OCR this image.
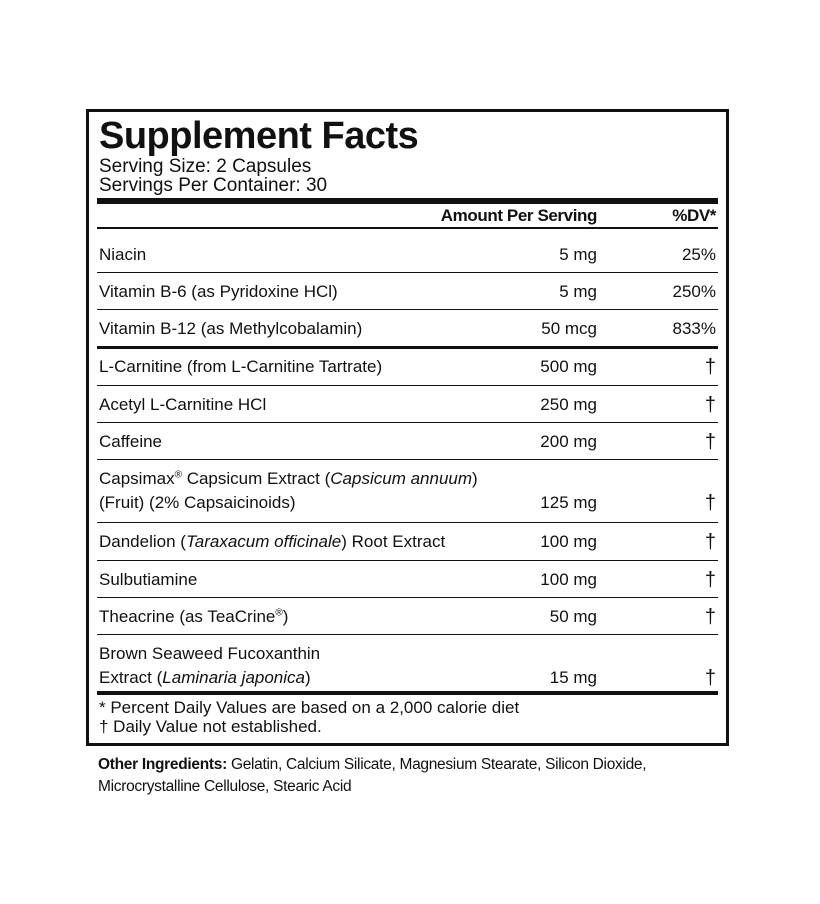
Supplement Facts
Serving Size: 2 Capsules
Servings Per Container: 30
Amount Per Serving	%DV*
Niacin	5 mg	25%
Vitamin B-6 (as Pyridoxine HCl)	5 mg	250%
Vitamin B-12 (as Methylcobalamin)	50 mcg	833%
L-Carnitine (from L-Carnitine Tartrate)	500 mg	†
Acetyl L-Carnitine HCl	250 mg	†
Caffeine	200 mg	†
Capsimax® Capsicum Extract (Capsicum annuum)
(Fruit) (2% Capsaicinoids)	125 mg	†
Dandelion (Taraxacum officinale) Root Extract	100 mg	†
Sulbutiamine	100 mg	†
Theacrine (as TeaCrine®)	50 mg	†
Brown Seaweed Fucoxanthin
Extract (Laminaria japonica)	15 mg	†
* Percent Daily Values are based on a 2,000 calorie diet
† Daily Value not established.
Other Ingredients: Gelatin, Calcium Silicate, Magnesium Stearate, Silicon Dioxide,
Microcrystalline Cellulose, Stearic Acid
